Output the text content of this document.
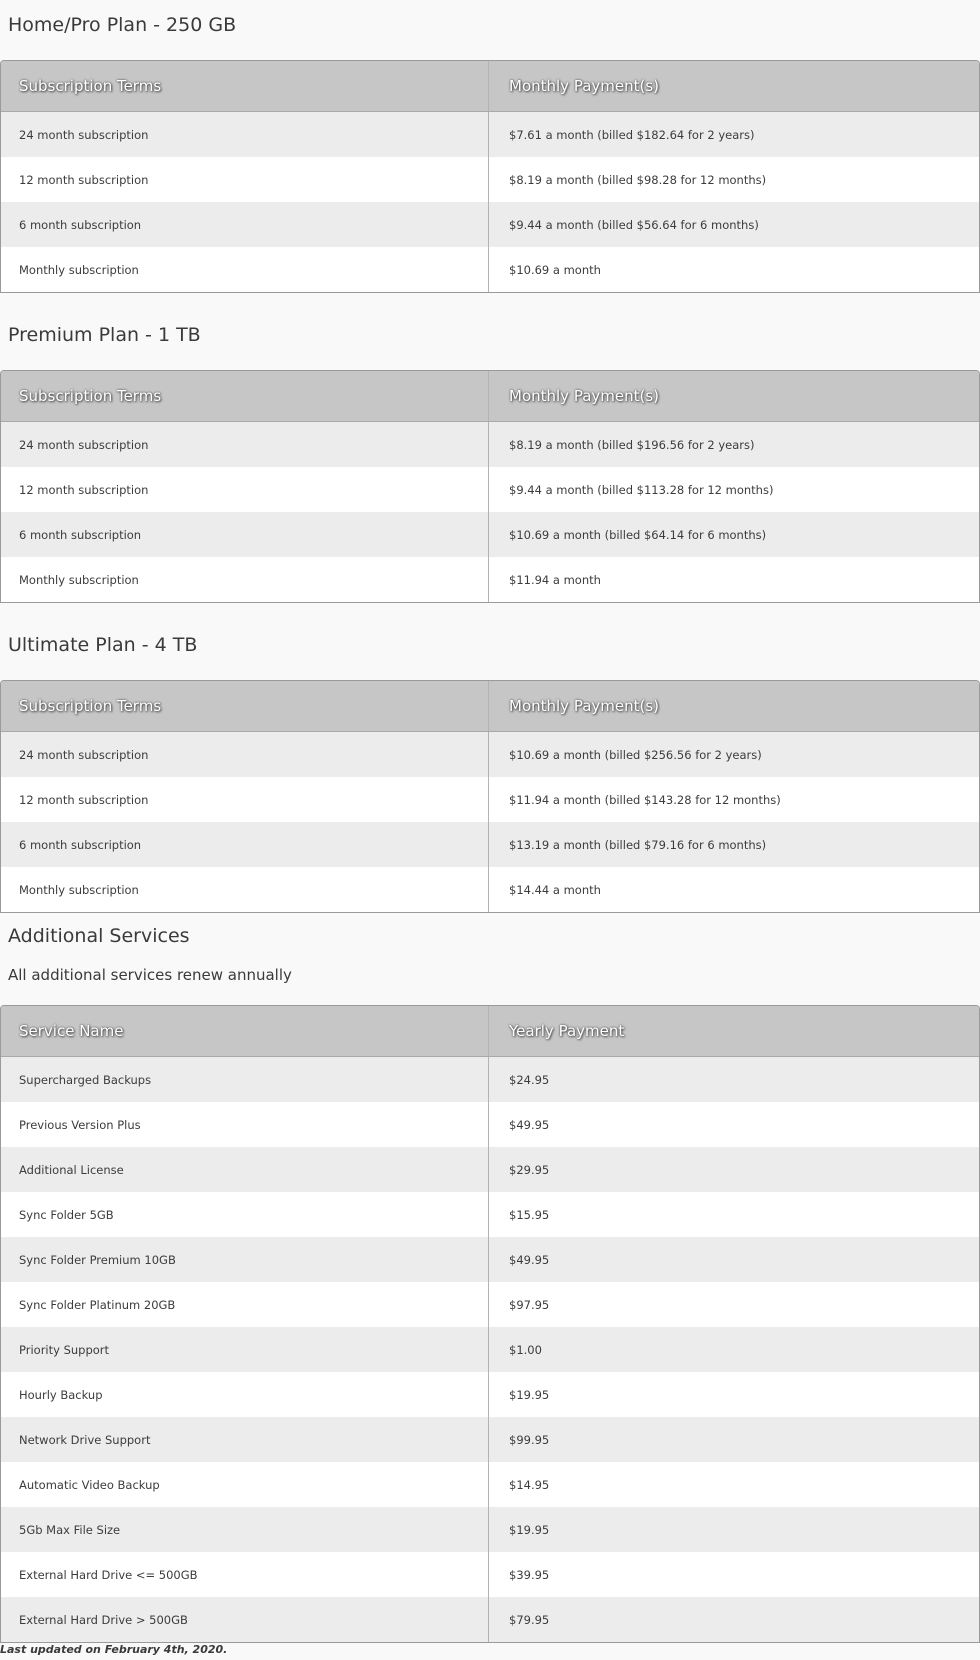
Home/Pro Plan - 250 GB
Subscription Terms	Monthly Payment(s)
24 month subscription	$7.61 a month (billed $182.64 for 2 years)
12 month subscription	$8.19 a month (billed $98.28 for 12 months)
6 month subscription	$9.44 a month (billed $56.64 for 6 months)
Monthly subscription	$10.69 a month
Premium Plan - 1 TB
Subscription Terms	Monthly Payment(s)
24 month subscription	$8.19 a month (billed $196.56 for 2 years)
12 month subscription	$9.44 a month (billed $113.28 for 12 months)
6 month subscription	$10.69 a month (billed $64.14 for 6 months)
Monthly subscription	$11.94 a month
Ultimate Plan - 4 TB
Subscription Terms	Monthly Payment(s)
24 month subscription	$10.69 a month (billed $256.56 for 2 years)
12 month subscription	$11.94 a month (billed $143.28 for 12 months)
6 month subscription	$13.19 a month (billed $79.16 for 6 months)
Monthly subscription	$14.44 a month
Additional Services

All additional services renew annually

Service Name	Yearly Payment
Supercharged Backups	$24.95
Previous Version Plus	$49.95
Additional License	$29.95
Sync Folder 5GB	$15.95
Sync Folder Premium 10GB	$49.95
Sync Folder Platinum 20GB	$97.95
Priority Support	$1.00
Hourly Backup	$19.95
Network Drive Support	$99.95
Automatic Video Backup	$14.95
5Gb Max File Size	$19.95
External Hard Drive <= 500GB	$39.95
External Hard Drive > 500GB	$79.95

Last updated on February 4th, 2020.
